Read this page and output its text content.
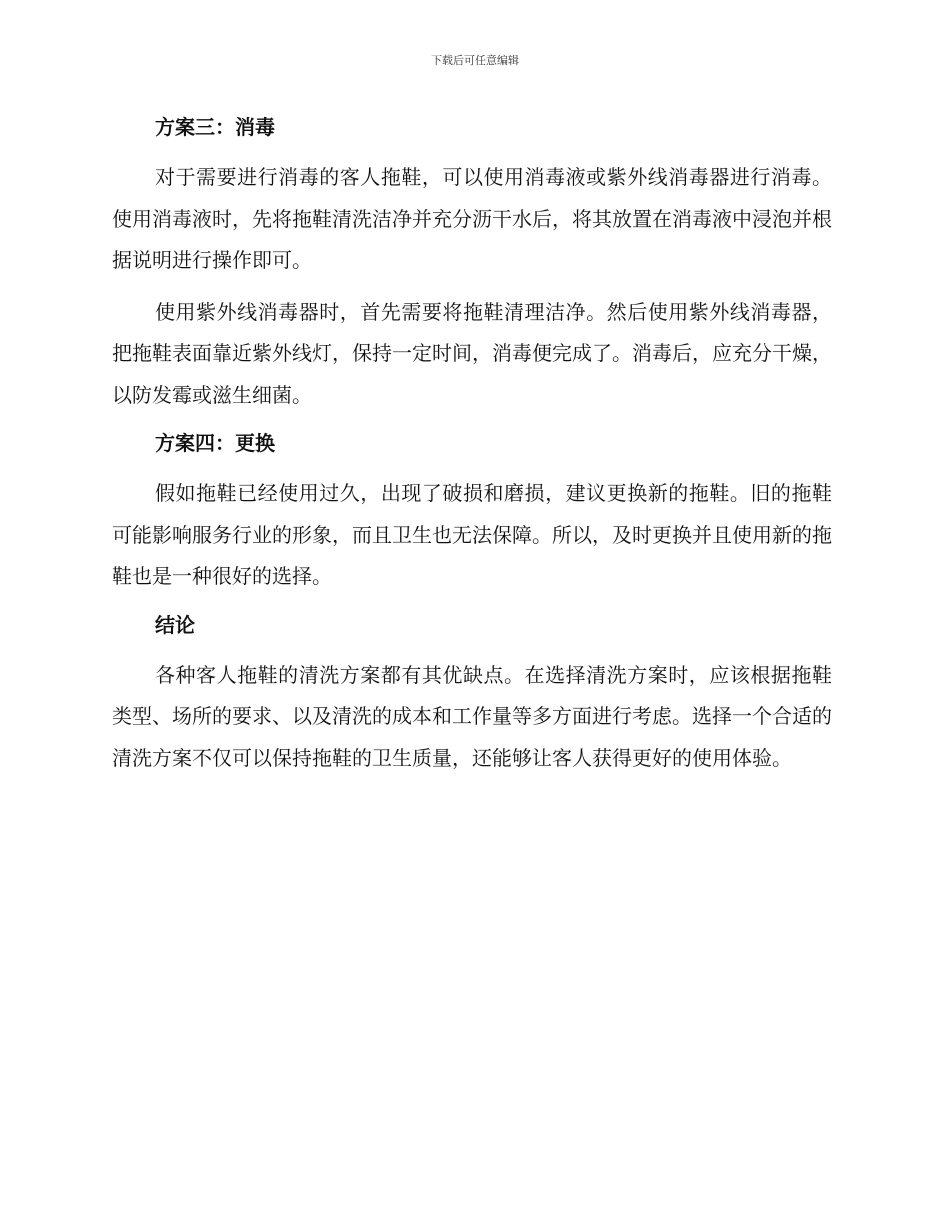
下载后可任意编辑
方案三：消毒

对于需要进行消毒的客人拖鞋，可以使用消毒液或紫外线消毒器进行消毒。使用消毒液时，先将拖鞋清洗洁净并充分沥干水后，将其放置在消毒液中浸泡并根据说明进行操作即可。

使用紫外线消毒器时，首先需要将拖鞋清理洁净。然后使用紫外线消毒器，把拖鞋表面靠近紫外线灯，保持一定时间，消毒便完成了。消毒后，应充分干燥，以防发霉或滋生细菌。

方案四：更换

假如拖鞋已经使用过久，出现了破损和磨损，建议更换新的拖鞋。旧的拖鞋可能影响服务行业的形象，而且卫生也无法保障。所以，及时更换并且使用新的拖鞋也是一种很好的选择。

结论

各种客人拖鞋的清洗方案都有其优缺点。在选择清洗方案时，应该根据拖鞋类型、场所的要求、以及清洗的成本和工作量等多方面进行考虑。选择一个合适的清洗方案不仅可以保持拖鞋的卫生质量，还能够让客人获得更好的使用体验。
